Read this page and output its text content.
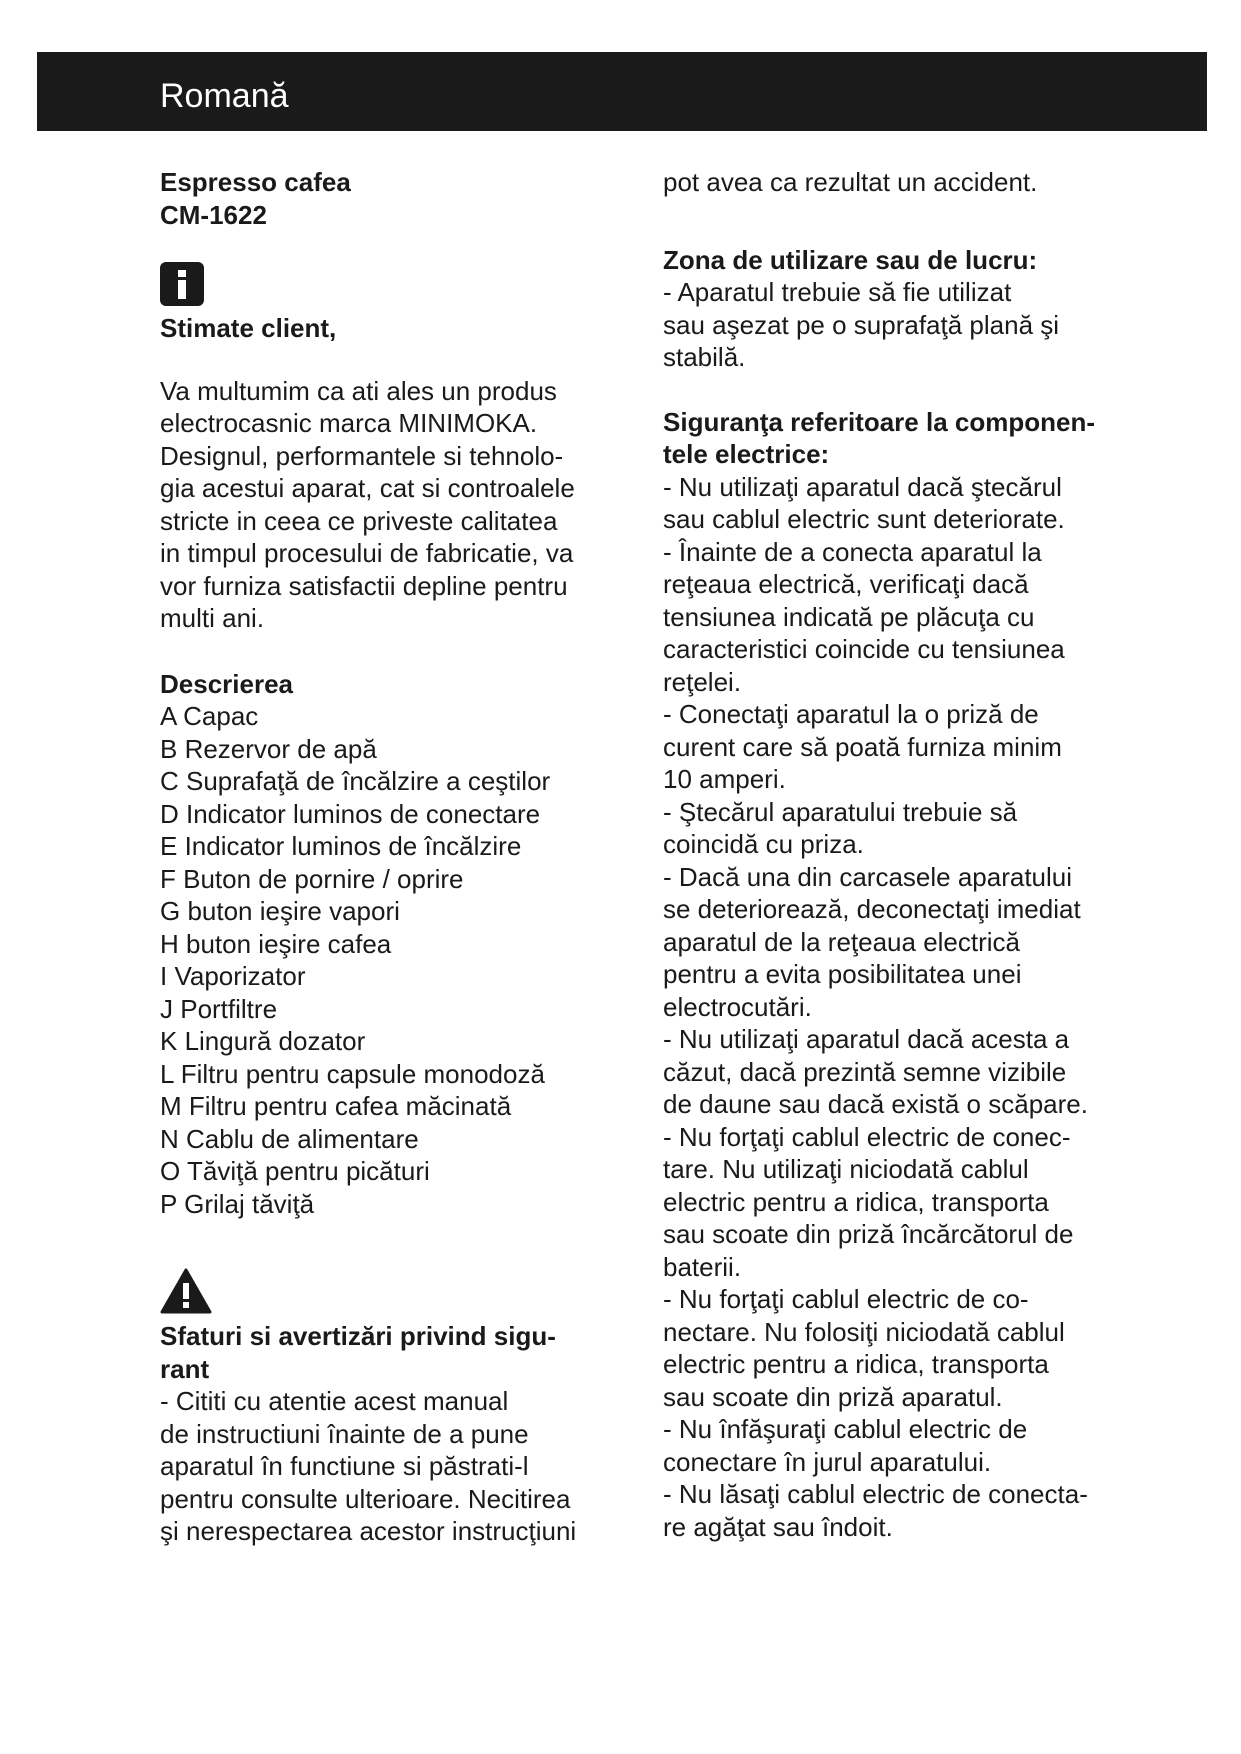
Romană

Espresso cafea

CM-1622

Stimate client,

Va multumim ca ati ales un produs

electrocasnic marca MINIMOKA.

Designul, performantele si tehnolo-

gia acestui aparat, cat si controalele

stricte in ceea ce priveste calitatea

in timpul procesului de fabricatie, va

vor furniza satisfactii depline pentru

multi ani.

Descrierea

A Capac

B Rezervor de apă

C Suprafaţă de încălzire a ceştilor

D Indicator luminos de conectare

E Indicator luminos de încălzire

F Buton de pornire / oprire

G buton ieşire vapori

H buton ieşire cafea

I Vaporizator

J Portfiltre

K Lingură dozator

L Filtru pentru capsule monodoză

M Filtru pentru cafea măcinată

N Cablu de alimentare

O Tăviţă pentru picături

P Grilaj tăviţă

Sfaturi si avertizări privind sigu-

rant

- Cititi cu atentie acest manual

de instructiuni înainte de a pune

aparatul în functiune si păstrati-l

pentru consulte ulterioare. Necitirea

şi nerespectarea acestor instrucţiuni

pot avea ca rezultat un accident.

Zona de utilizare sau de lucru:

- Aparatul trebuie să fie utilizat

sau aşezat pe o suprafaţă plană şi

stabilă.

Siguranţa referitoare la componen-

tele electrice:

- Nu utilizaţi aparatul dacă ştecărul

sau cablul electric sunt deteriorate.

- Înainte de a conecta aparatul la

reţeaua electrică, verificaţi dacă

tensiunea indicată pe plăcuţa cu

caracteristici coincide cu tensiunea

reţelei.

- Conectaţi aparatul la o priză de

curent care să poată furniza minim

10 amperi.

- Ştecărul aparatului trebuie să

coincidă cu priza.

- Dacă una din carcasele aparatului

se deteriorează, deconectaţi imediat

aparatul de la reţeaua electrică

pentru a evita posibilitatea unei

electrocutări.

- Nu utilizaţi aparatul dacă acesta a

căzut, dacă prezintă semne vizibile

de daune sau dacă există o scăpare.

- Nu forţaţi cablul electric de conec-

tare. Nu utilizaţi niciodată cablul

electric pentru a ridica, transporta

sau scoate din priză încărcătorul de

baterii.

- Nu forţaţi cablul electric de co-

nectare. Nu folosiţi niciodată cablul

electric pentru a ridica, transporta

sau scoate din priză aparatul.

- Nu înfăşuraţi cablul electric de

conectare în jurul aparatului.

- Nu lăsaţi cablul electric de conecta-

re agăţat sau îndoit.
